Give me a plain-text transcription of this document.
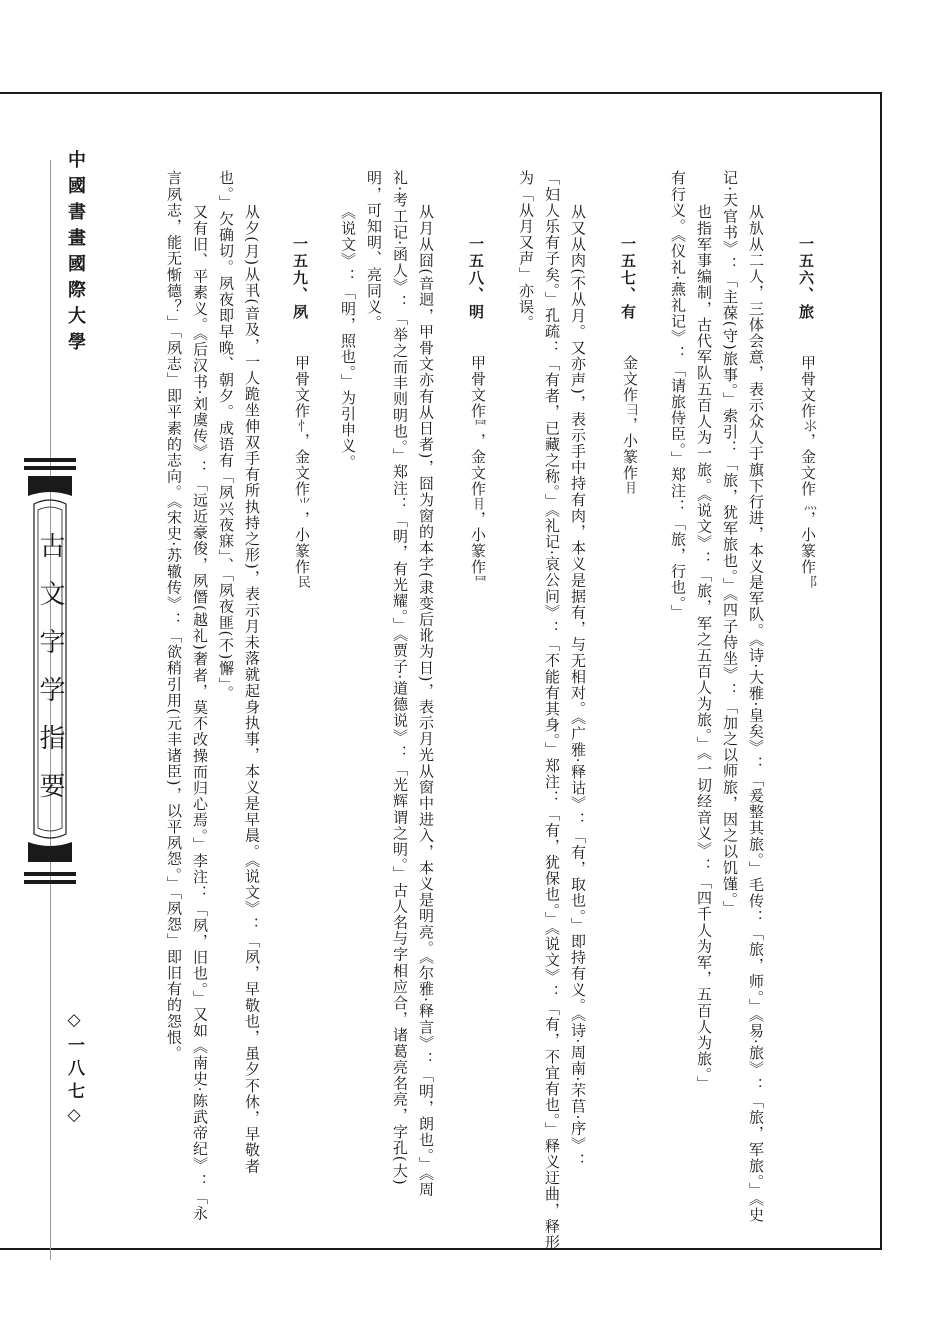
中國書畫國際大學
古文字学指要
◇一八七◇
一五六、旅
甲骨文作⺢，金文作⺣，小篆作⻏
从㫃从二人，三体会意，表示众人于旗下行进，本义是军队。《诗·大雅·皇矣》：「爰整其旅。」毛传：「旅，师。」《易·旅》：「旅，军旅。」《史
记·天官书》：「主葆(守)旅事。」索引：「旅，犹军旅也。」《四子侍坐》：「加之以师旅，因之以饥馑。」
也指军事编制，古代军队五百人为一旅。《说文》：「旅，军之五百人为旅。」《一切经音义》：「四千人为军，五百人为旅。」
有行义。《仪礼·燕礼记》：「请旅侍臣。」郑注：「旅，行也。」
一五七、有
金文作⺕，小篆作⺝
从又从肉(不从月。又亦声)，表示手中持有肉，本义是据有，与无相对。《广雅·释诂》：「有，取也。」即持有义。《诗·周南·芣苢·序》：
「妇人乐有子矣。」孔疏：「有者，已藏之称。」《礼记·哀公问》：「不能有其身。」郑注：「有，犹保也。」《说文》：「有，不宜有也。」释义迂曲，释形
为「从月又声」亦误。
一五八、明
甲骨文作⺜，金文作⺝，小篆作⺜
从月从囧(音迥，甲骨文亦有从日者)，囧为窗的本字(隶变后讹为日)，表示月光从窗中进入，本义是明亮。《尔雅·释言》：「明，朗也。」《周
礼·考工记·函人》：「举之而丰则明也。」郑注：「明，有光耀。」《贾子·道德说》：「光辉谓之明。」古人名与字相应合，诸葛亮名亮，字孔(大)
明，可知明、亮同义。
《说文》：「明，照也。」为引申义。
一五九、夙
甲骨文作⺖，金文作⺌，小篆作⺠
从夕(月)从丮(音及，一人跪坐伸双手有所执持之形)，表示月未落就起身执事，本义是早晨。《说文》：「夙，早敬也，虽夕不休，早敬者
也。」欠确切。夙夜即早晚、朝夕。成语有「夙兴夜寐」、「夙夜匪(不)懈」。
又有旧、平素义。《后汉书·刘虞传》：「远近豪俊，夙僭(越礼)奢者，莫不改操而归心焉。」李注：「夙，旧也。」又如《南史·陈武帝纪》：「永
言夙志，能无惭德？」「夙志」即平素的志向。《宋史·苏辙传》：「欲稍引用(元丰诸臣)，以平夙怨。」「夙怨」即旧有的怨恨。
